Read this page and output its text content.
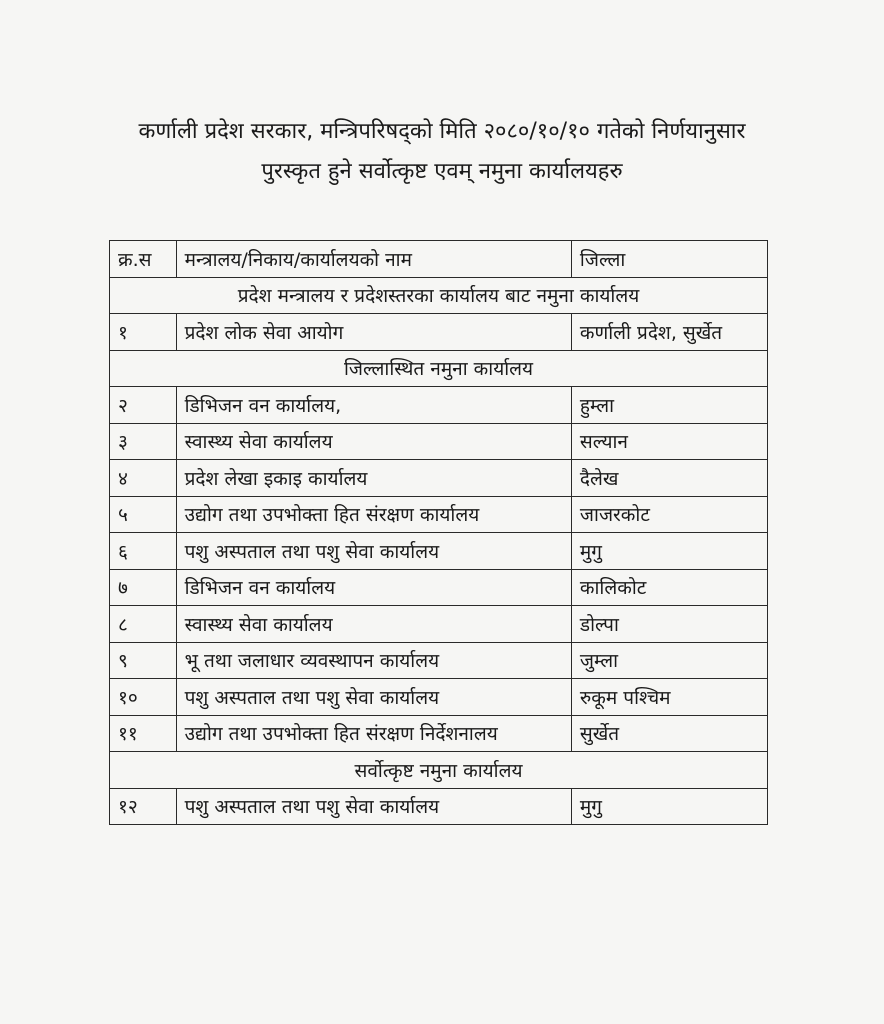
कर्णाली प्रदेश सरकार, मन्त्रिपरिषद्को मिति २०८०/१०/१० गतेको निर्णयानुसार
पुरस्कृत हुने सर्वोत्कृष्ट एवम् नमुना कार्यालयहरु
क्र.स	मन्त्रालय/निकाय/कार्यालयको नाम	जिल्ला
प्रदेश मन्त्रालय र प्रदेशस्तरका कार्यालय बाट नमुना कार्यालय		
१	प्रदेश लोक सेवा आयोग	कर्णाली प्रदेश, सुर्खेत
जिल्लास्थित नमुना कार्यालय		
२	डिभिजन वन कार्यालय,	हुम्ला
३	स्वास्थ्य सेवा कार्यालय	सल्यान
४	प्रदेश लेखा इकाइ कार्यालय	दैलेख
५	उद्योग तथा उपभोक्ता हित संरक्षण कार्यालय	जाजरकोट
६	पशु अस्पताल तथा पशु सेवा कार्यालय	मुगु
७	डिभिजन वन कार्यालय	कालिकोट
८	स्वास्थ्य सेवा कार्यालय	डोल्पा
९	भू तथा जलाधार व्यवस्थापन कार्यालय	जुम्ला
१०	पशु अस्पताल तथा पशु सेवा कार्यालय	रुकूम पश्चिम
११	उद्योग तथा उपभोक्ता हित संरक्षण निर्देशनालय	सुर्खेत
सर्वोत्कृष्ट नमुना कार्यालय		
१२	पशु अस्पताल तथा पशु सेवा कार्यालय	मुगु
